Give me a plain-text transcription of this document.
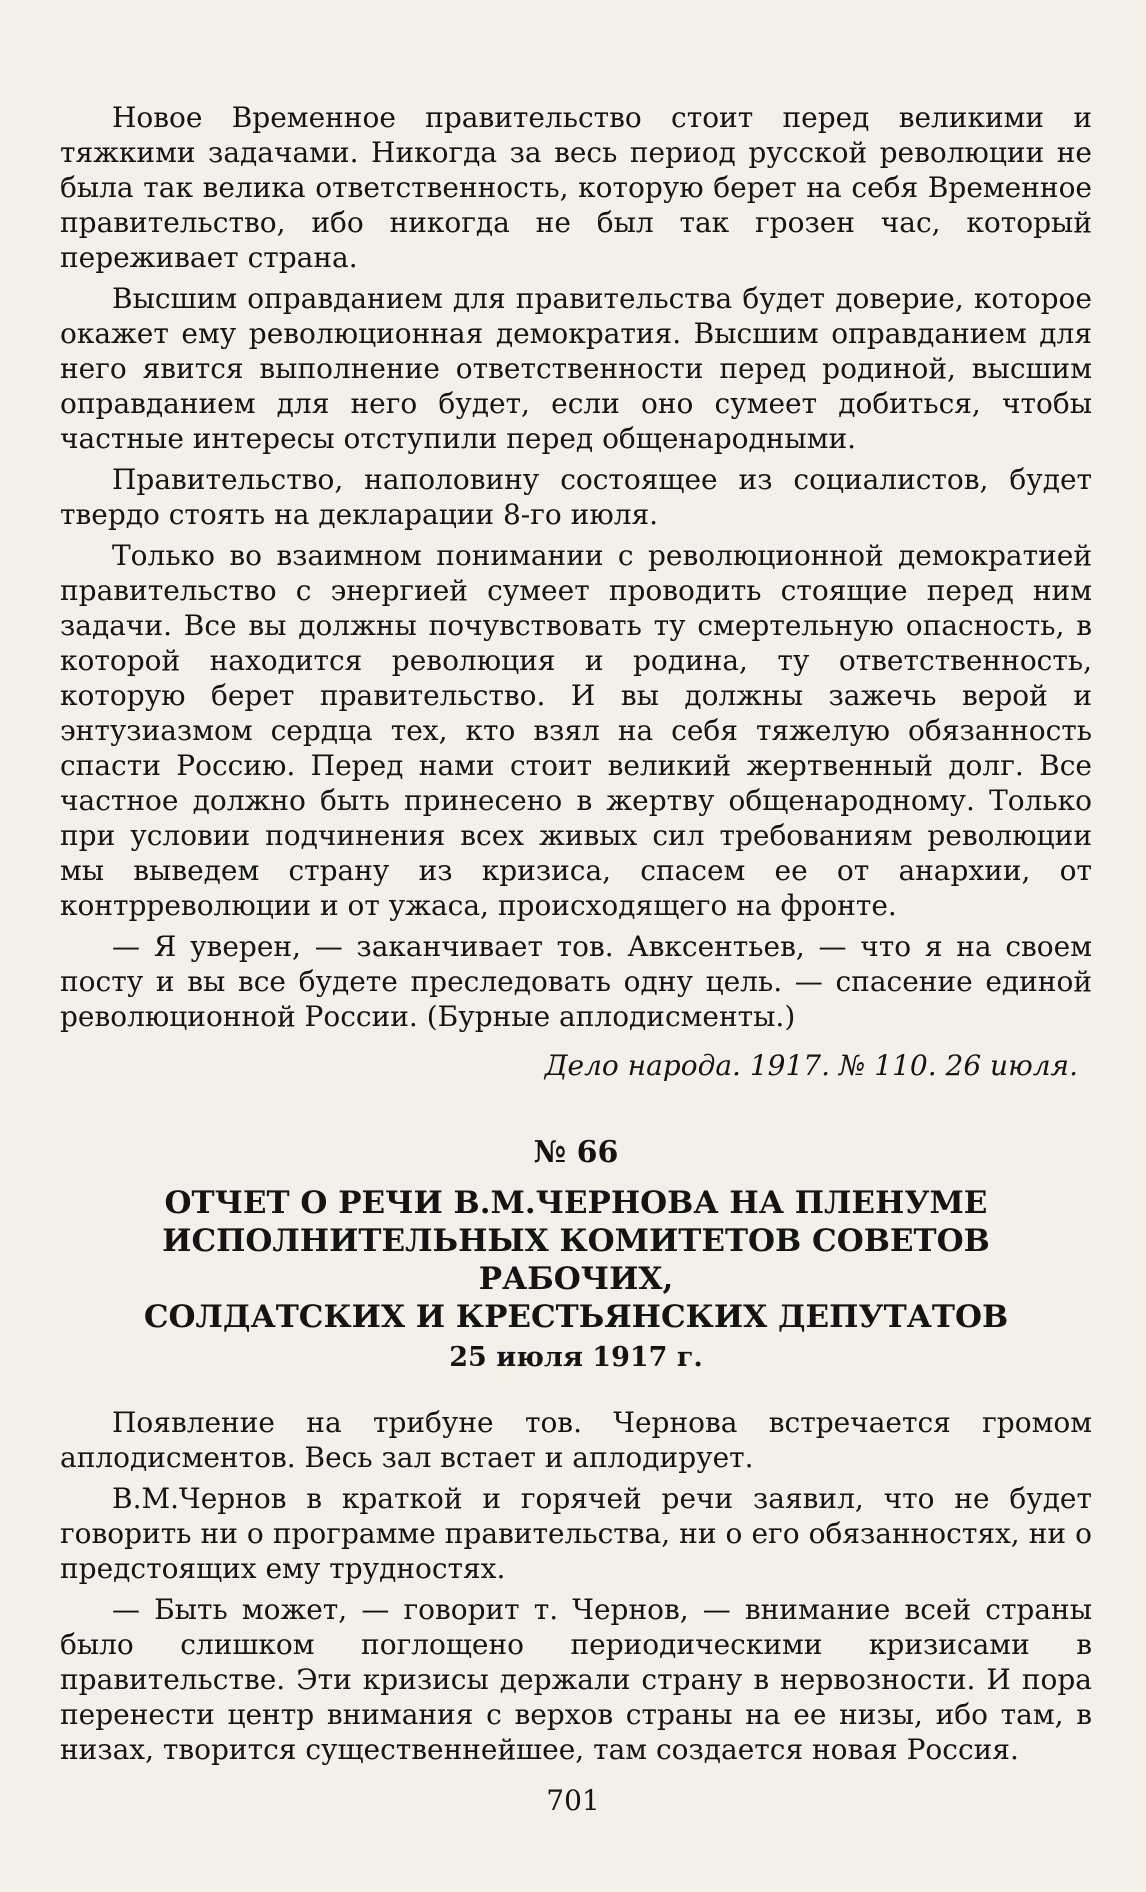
Новое Временное правительство стоит перед великими и тяжкими задачами. Никогда за весь период русской революции не была так велика ответственность, которую берет на себя Временное правительство, ибо никогда не был так грозен час, который переживает страна.

Высшим оправданием для правительства будет доверие, которое окажет ему революционная демократия. Высшим оправданием для него явится выполнение ответственности перед родиной, высшим оправданием для него будет, если оно сумеет добиться, чтобы частные интересы отступили перед общенародными.

Правительство, наполовину состоящее из социалистов, будет твердо стоять на декларации 8-го июля.

Только во взаимном понимании с революционной демократией правительство с энергией сумеет проводить стоящие перед ним задачи. Все вы должны почувствовать ту смертельную опасность, в которой находится революция и родина, ту ответственность, которую берет правительство. И вы должны зажечь верой и энтузиазмом сердца тех, кто взял на себя тяжелую обязанность спасти Россию. Перед нами стоит великий жертвенный долг. Все частное должно быть принесено в жертву общенародному. Только при условии подчинения всех живых сил требованиям революции мы выведем страну из кризиса, спасем ее от анархии, от контрреволюции и от ужаса, происходящего на фронте.

— Я уверен, — заканчивает тов. Авксентьев, — что я на своем посту и вы все будете преследовать одну цель. — спасение единой революционной России. (Бурные аплодисменты.)

Дело народа. 1917. № 110. 26 июля.
№ 66
ОТЧЕТ О РЕЧИ В.М.ЧЕРНОВА НА ПЛЕНУМЕ
ИСПОЛНИТЕЛЬНЫХ КОМИТЕТОВ СОВЕТОВ РАБОЧИХ,
СОЛДАТСКИХ И КРЕСТЬЯНСКИХ ДЕПУТАТОВ
25 июля 1917 г.

Появление на трибуне тов. Чернова встречается громом аплодисментов. Весь зал встает и аплодирует.

В.М.Чернов в краткой и горячей речи заявил, что не будет говорить ни о программе правительства, ни о его обязанностях, ни о предстоящих ему трудностях.

— Быть может, — говорит т. Чернов, — внимание всей страны было слишком поглощено периодическими кризисами в правительстве. Эти кризисы держали страну в нервозности. И пора перенести центр внимания с верхов страны на ее низы, ибо там, в низах, творится существеннейшее, там создается новая Россия.

701
